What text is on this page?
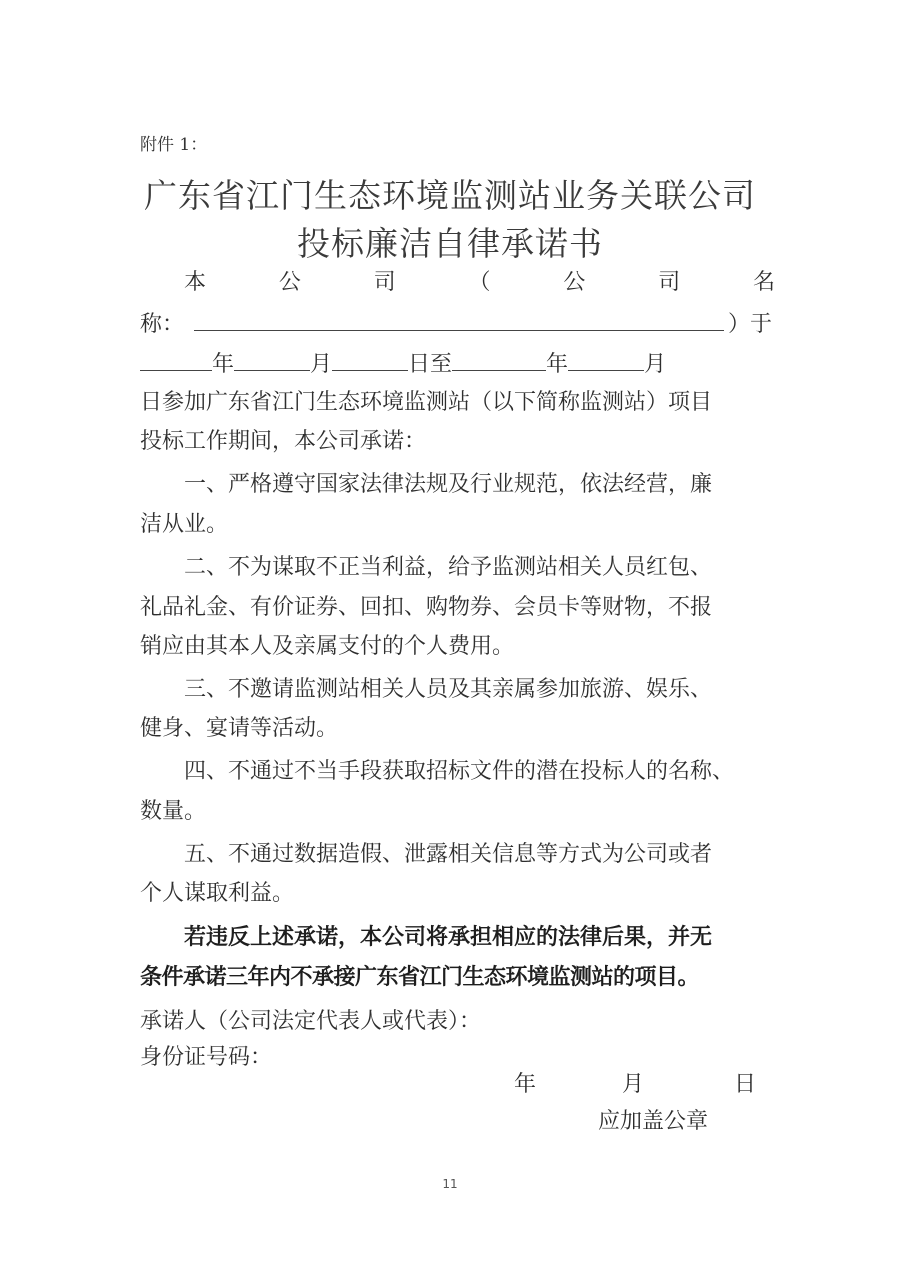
附件 1：
广东省江门生态环境监测站业务关联公司
投标廉洁自律承诺书
本	公	司	（	公	司	名
称：	）于
年	月	日至	年	月
日参加广东省江门生态环境监测站（以下简称监测站）项目
投标工作期间，本公司承诺：
一、严格遵守国家法律法规及行业规范，依法经营，廉
洁从业。
二、不为谋取不正当利益，给予监测站相关人员红包、
礼品礼金、有价证券、回扣、购物券、会员卡等财物，不报
销应由其本人及亲属支付的个人费用。
三、不邀请监测站相关人员及其亲属参加旅游、娱乐、
健身、宴请等活动。
四、不通过不当手段获取招标文件的潜在投标人的名称、
数量。
五、不通过数据造假、泄露相关信息等方式为公司或者
个人谋取利益。
若违反上述承诺，本公司将承担相应的法律后果，并无
条件承诺三年内不承接广东省江门生态环境监测站的项目。
承诺人（公司法定代表人或代表）：
身份证号码：
年	月	日
应加盖公章
11
